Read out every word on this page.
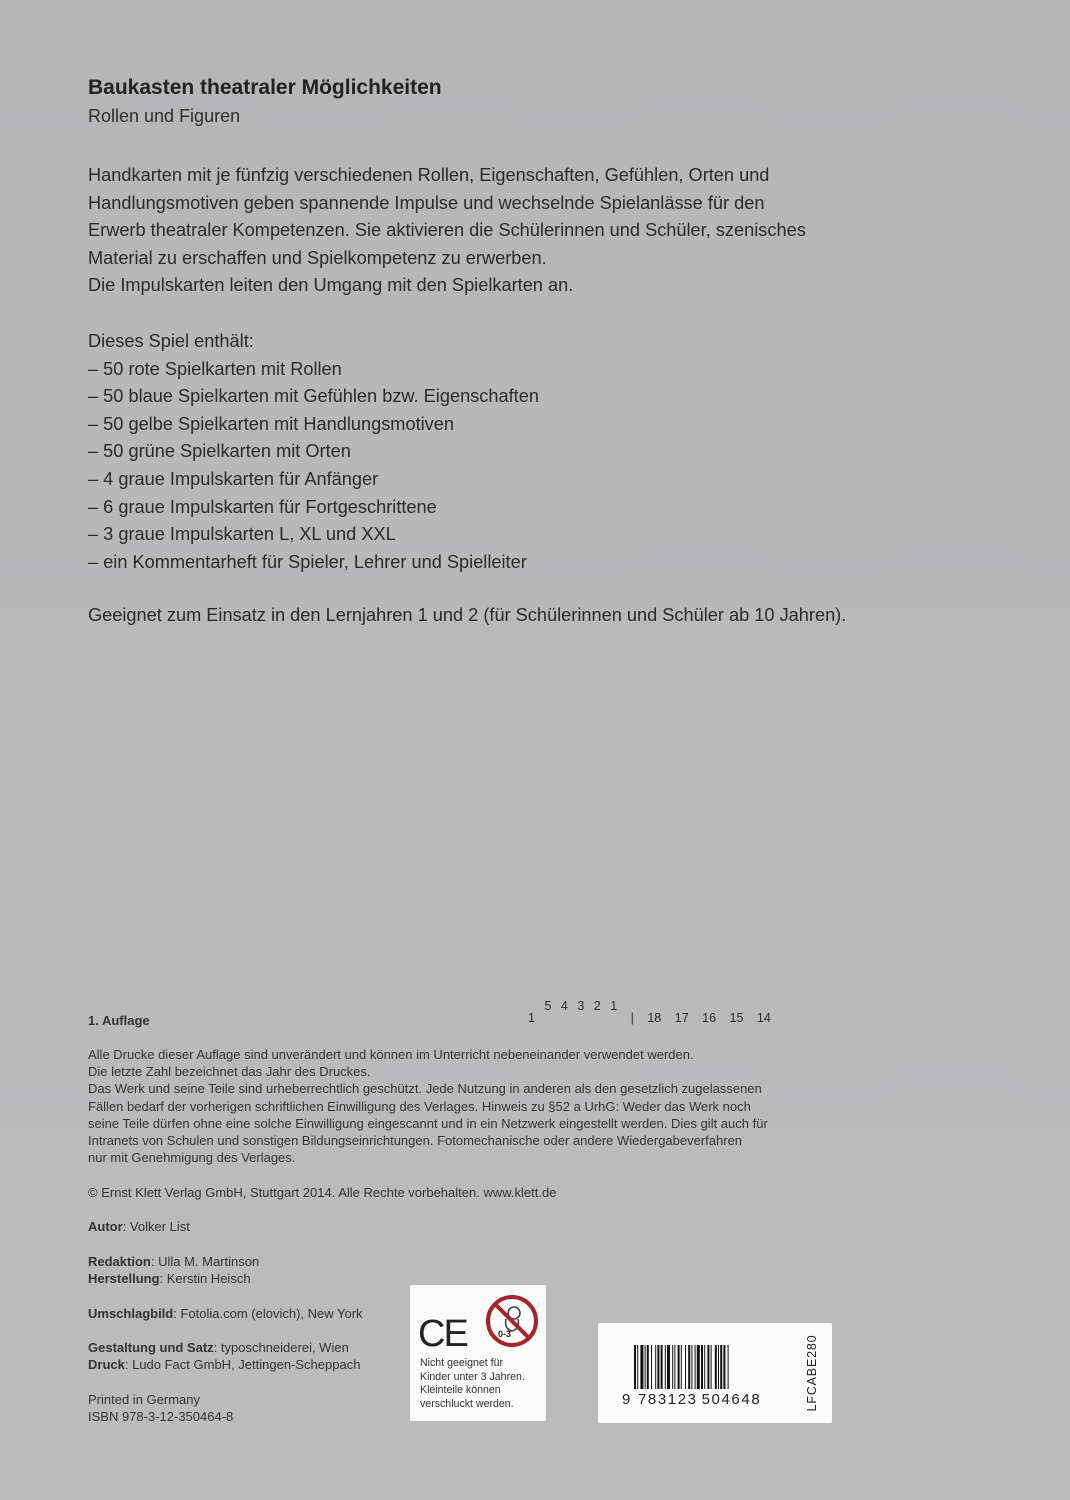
Baukasten theatraler Möglichkeiten
Rollen und Figuren

Handkarten mit je fünfzig verschiedenen Rollen, Eigenschaften, Gefühlen, Orten und

Handlungsmotiven geben spannende Impulse und wechselnde Spielanlässe für den

Erwerb theatraler Kompetenzen. Sie aktivieren die Schülerinnen und Schüler, szenisches

Material zu erschaffen und Spielkompetenz zu erwerben.

Die Impulskarten leiten den Umgang mit den Spielkarten an.

Dieses Spiel enthält:
– 50 rote Spielkarten mit Rollen
– 50 blaue Spielkarten mit Gefühlen bzw. Eigenschaften
– 50 gelbe Spielkarten mit Handlungsmotiven
– 50 grüne Spielkarten mit Orten
– 4 graue Impulskarten für Anfänger
– 6 graue Impulskarten für Fortgeschrittene
– 3 graue Impulskarten L, XL und XXL
– ein Kommentarheft für Spieler, Lehrer und Spielleiter
Geeignet zum Einsatz in den Lernjahren 1 und 2 (für Schülerinnen und Schüler ab 10 Jahren).
1. Auflage	1 5 4 3 2 1 | 18 17 16 15 14
Alle Drucke dieser Auflage sind unverändert und können im Unterricht nebeneinander verwendet werden.
Die letzte Zahl bezeichnet das Jahr des Druckes.
Das Werk und seine Teile sind urheberrechtlich geschützt. Jede Nutzung in anderen als den gesetzlich zugelassenen
Fällen bedarf der vorherigen schriftlichen Einwilligung des Verlages. Hinweis zu §52 a UrhG: Weder das Werk noch
seine Teile dürfen ohne eine solche Einwilligung eingescannt und in ein Netzwerk eingestellt werden. Dies gilt auch für
Intranets von Schulen und sonstigen Bildungseinrichtungen. Fotomechanische oder andere Wiedergabeverfahren
nur mit Genehmigung des Verlages.
© Ernst Klett Verlag GmbH, Stuttgart 2014. Alle Rechte vorbehalten. www.klett.de
Autor: Volker List
Redaktion: Ulla M. Martinson
Herstellung: Kerstin Heisch
Umschlagbild: Fotolia.com (elovich), New York
Gestaltung und Satz: typoschneiderei, Wien
Druck: Ludo Fact GmbH, Jettingen-Scheppach
Printed in Germany
ISBN 978-3-12-350464-8
CE	0-3
Nicht geeignet für
Kinder unter 3 Jahren.
Kleinteile können
verschluckt werden.	9 783123 504648	LFCABE280
